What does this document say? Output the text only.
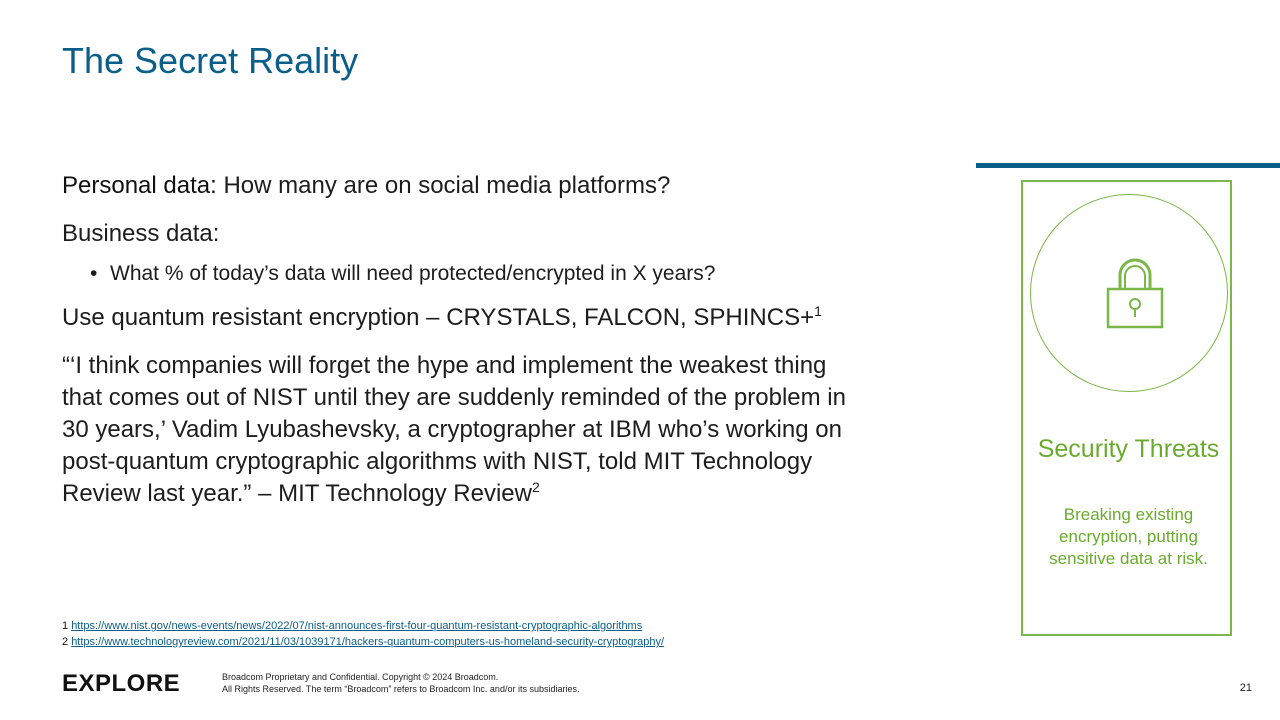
The Secret Reality

Personal data: How many are on social media platforms?

Business data:

• What % of today’s data will need protected/encrypted in X years?

Use quantum resistant encryption – CRYSTALS, FALCON, SPHINCS+$^1$

“‘I think companies will forget the hype and implement the weakest thing that comes out of NIST until they are suddenly reminded of the problem in 30 years,’ Vadim Lyubashevsky, a cryptographer at IBM who’s working on post-quantum cryptographic algorithms with NIST, told MIT Technology Review last year.” – MIT Technology Review$^2$

1 https://www.nist.gov/news-events/news/2022/07/nist-announces-first-four-quantum-resistant-cryptographic-algorithms
2 https://www.technologyreview.com/2021/11/03/1039171/hackers-quantum-computers-us-homeland-security-cryptography/
EXPLORE	Broadcom Proprietary and Confidential. Copyright © 2024 Broadcom.
All Rights Reserved. The term “Broadcom” refers to Broadcom Inc. and/or its subsidiaries.	21
Security Threats
Breaking existing encryption, putting sensitive data at risk.
